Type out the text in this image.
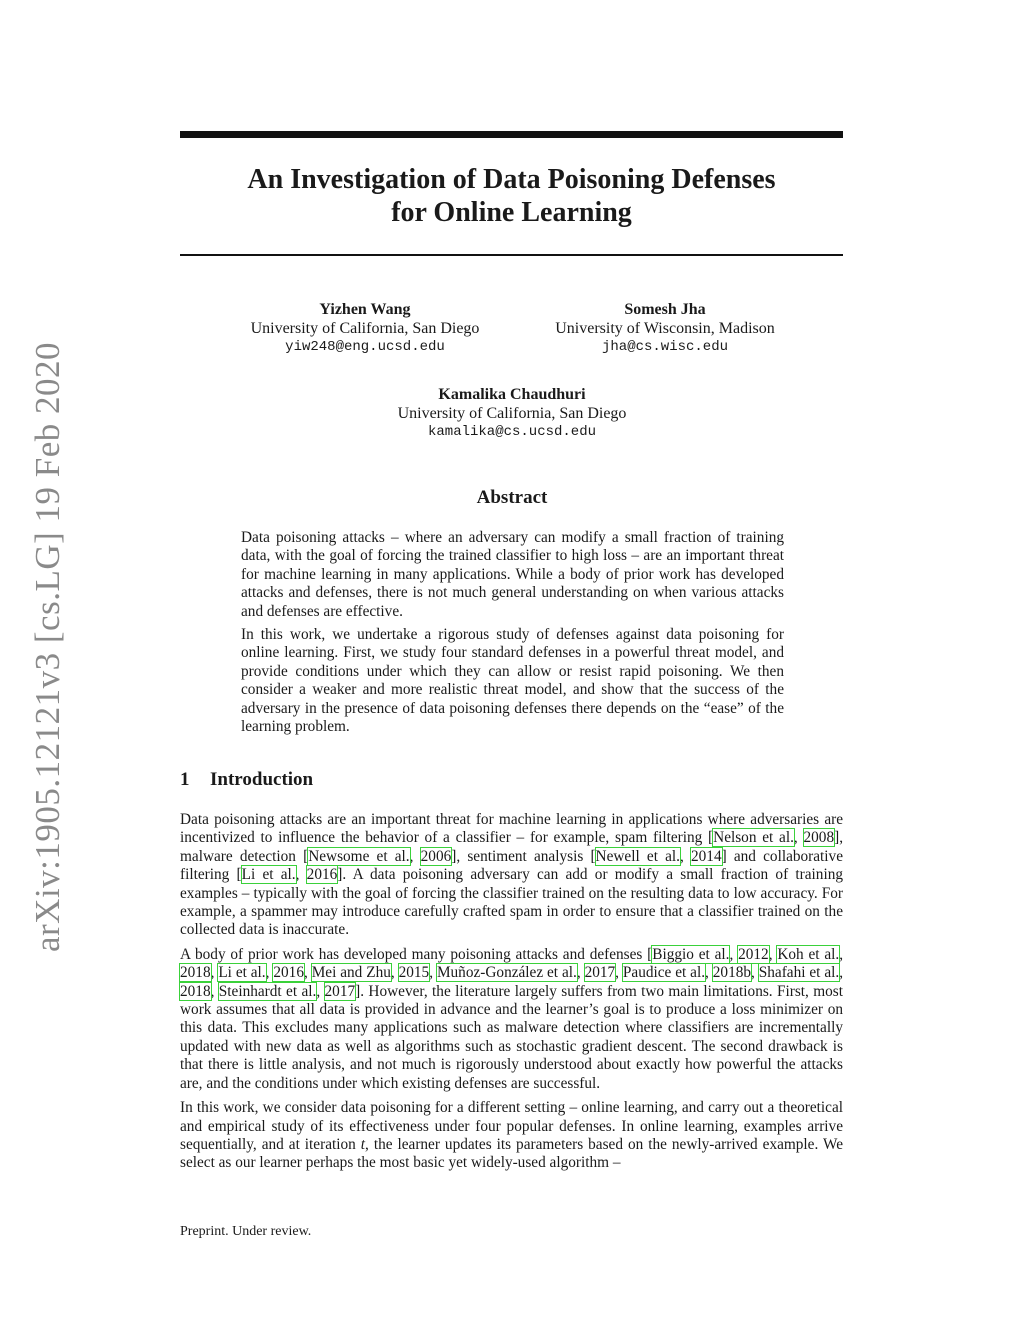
arXiv:1905.12121v3 [cs.LG] 19 Feb 2020
An Investigation of Data Poisoning Defenses
for Online Learning
Yizhen Wang
University of California, San Diego
yiw248@eng.ucsd.edu
Somesh Jha
University of Wisconsin, Madison
jha@cs.wisc.edu
Kamalika Chaudhuri
University of California, San Diego
kamalika@cs.ucsd.edu
Abstract

Data poisoning attacks – where an adversary can modify a small fraction of training data, with the goal of forcing the trained classifier to high loss – are an important threat for machine learning in many applications. While a body of prior work has developed attacks and defenses, there is not much general understanding on when various attacks and defenses are effective.

In this work, we undertake a rigorous study of defenses against data poisoning for online learning. First, we study four standard defenses in a powerful threat model, and provide conditions under which they can allow or resist rapid poisoning. We then consider a weaker and more realistic threat model, and show that the success of the adversary in the presence of data poisoning defenses there depends on the “ease” of the learning problem.

1 Introduction

Data poisoning attacks are an important threat for machine learning in applications where adversaries are incentivized to influence the behavior of a classifier – for example, spam filtering [Nelson et al., 2008], malware detection [Newsome et al., 2006], sentiment analysis [Newell et al., 2014] and collaborative filtering [Li et al., 2016]. A data poisoning adversary can add or modify a small fraction of training examples – typically with the goal of forcing the classifier trained on the resulting data to low accuracy. For example, a spammer may introduce carefully crafted spam in order to ensure that a classifier trained on the collected data is inaccurate.

A body of prior work has developed many poisoning attacks and defenses [Biggio et al., 2012, Koh et al., 2018, Li et al., 2016, Mei and Zhu, 2015, Muñoz-González et al., 2017, Paudice et al., 2018b, Shafahi et al., 2018, Steinhardt et al., 2017]. However, the literature largely suffers from two main limitations. First, most work assumes that all data is provided in advance and the learner’s goal is to produce a loss minimizer on this data. This excludes many applications such as malware detection where classifiers are incrementally updated with new data as well as algorithms such as stochastic gradient descent. The second drawback is that there is little analysis, and not much is rigorously understood about exactly how powerful the attacks are, and the conditions under which existing defenses are successful.

In this work, we consider data poisoning for a different setting – online learning, and carry out a theoretical and empirical study of its effectiveness under four popular defenses. In online learning, examples arrive sequentially, and at iteration t, the learner updates its parameters based on the newly-arrived example. We select as our learner perhaps the most basic yet widely-used algorithm –

Preprint. Under review.
